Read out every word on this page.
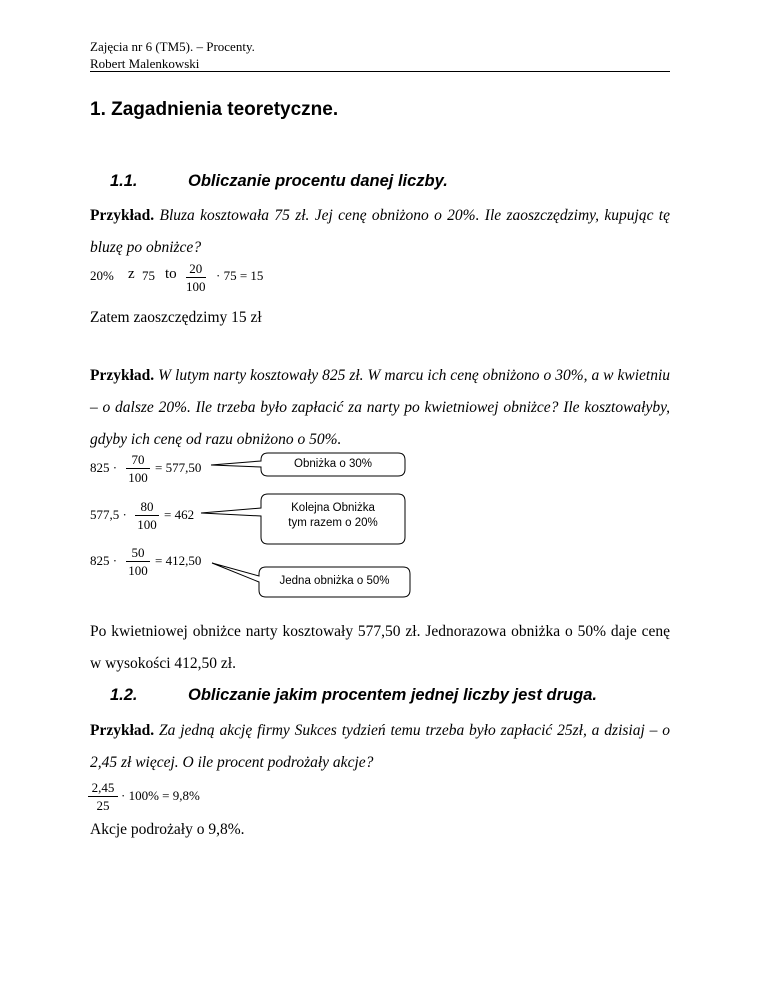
Zajęcia nr 6 (TM5). – Procenty.
Robert Malenkowski
1. Zagadnienia teoretyczne.
1.1.	Obliczanie procentu danej liczby.
Przykład. Bluza kosztowała 75 zł. Jej cenę obniżono o 20%. Ile zaoszczędzimy, kupując tę bluzę po obniżce?
20% z 75 to $\frac{20}{100} \cdot 75 = 15$
Zatem zaoszczędzimy 15 zł
Przykład. W lutym narty kosztowały 825 zł. W marcu ich cenę obniżono o 30%, a w kwietniu – o dalsze 20%. Ile trzeba było zapłacić za narty po kwietniowej obniżce? Ile kosztowałyby, gdyby ich cenę od razu obniżono o 50%.
$825 \cdot \frac{70}{100} = 577,50$
$577,5 \cdot \frac{80}{100} = 462$
$825 \cdot \frac{50}{100} = 412,50$
Obniżka o 30%
Kolejna Obniżka
tym razem o 20%
Jedna obniżka o 50%
Po kwietniowej obniżce narty kosztowały 577,50 zł. Jednorazowa obniżka o 50% daje cenę w wysokości 412,50 zł.
1.2.	Obliczanie jakim procentem jednej liczby jest druga.
Przykład. Za jedną akcję firmy Sukces tydzień temu trzeba było zapłacić 25zł, a dzisiaj – o 2,45 zł więcej. O ile procent podrożały akcje?
$\frac{2,45}{25} \cdot 100\% = 9,8\%$
Akcje podrożały o 9,8%.
